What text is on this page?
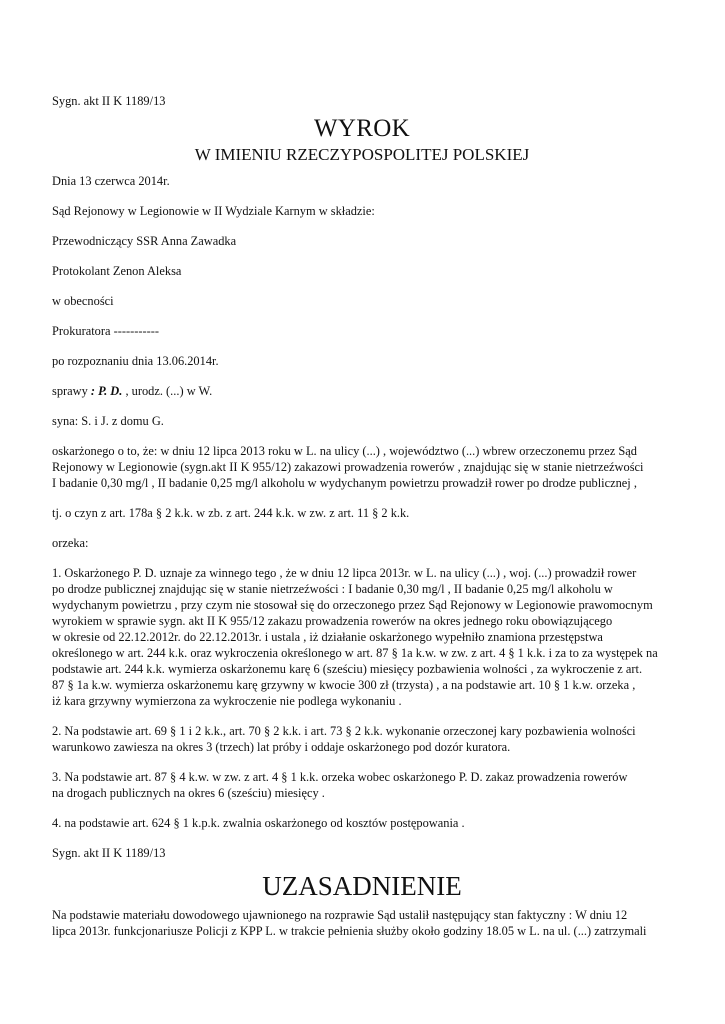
Sygn. akt II K 1189/13

WYROK
W IMIENIU RZECZYPOSPOLITEJ POLSKIEJ

Dnia 13 czerwca 2014r.

Sąd Rejonowy w Legionowie w II Wydziale Karnym w składzie:

Przewodniczący SSR Anna Zawadka

Protokolant Zenon Aleksa

w obecności

Prokuratora -----------

po rozpoznaniu dnia 13.06.2014r.

sprawy : P. D. , urodz. (...) w W.

syna: S. i J. z domu G.

oskarżonego o to, że: w dniu 12 lipca 2013 roku w L. na ulicy (...) , województwo (...) wbrew orzeczonemu przez Sąd

Rejonowy w Legionowie (sygn.akt II K 955/12) zakazowi prowadzenia rowerów , znajdując się w stanie nietrzeźwości

I badanie 0,30 mg/l , II badanie 0,25 mg/l alkoholu w wydychanym powietrzu prowadził rower po drodze publicznej ,

tj. o czyn z art. 178a § 2 k.k. w zb. z art. 244 k.k. w zw. z art. 11 § 2 k.k.

orzeka:

1. Oskarżonego P. D. uznaje za winnego tego , że w dniu 12 lipca 2013r. w L. na ulicy (...) , woj. (...) prowadził rower

po drodze publicznej znajdując się w stanie nietrzeźwości : I badanie 0,30 mg/l , II badanie 0,25 mg/l alkoholu w

wydychanym powietrzu , przy czym nie stosował się do orzeczonego przez Sąd Rejonowy w Legionowie prawomocnym

wyrokiem w sprawie sygn. akt II K 955/12 zakazu prowadzenia rowerów na okres jednego roku obowiązującego

w okresie od 22.12.2012r. do 22.12.2013r. i ustala , iż działanie oskarżonego wypełniło znamiona przestępstwa

określonego w art. 244 k.k. oraz wykroczenia określonego w art. 87 § 1a k.w. w zw. z art. 4 § 1 k.k. i za to za występek na

podstawie art. 244 k.k. wymierza oskarżonemu karę 6 (sześciu) miesięcy pozbawienia wolności , za wykroczenie z art.

87 § 1a k.w. wymierza oskarżonemu karę grzywny w kwocie 300 zł (trzysta) , a na podstawie art. 10 § 1 k.w. orzeka ,

iż kara grzywny wymierzona za wykroczenie nie podlega wykonaniu .

2. Na podstawie art. 69 § 1 i 2 k.k., art. 70 § 2 k.k. i art. 73 § 2 k.k. wykonanie orzeczonej kary pozbawienia wolności

warunkowo zawiesza na okres 3 (trzech) lat próby i oddaje oskarżonego pod dozór kuratora.

3. Na podstawie art. 87 § 4 k.w. w zw. z art. 4 § 1 k.k. orzeka wobec oskarżonego P. D. zakaz prowadzenia rowerów

na drogach publicznych na okres 6 (sześciu) miesięcy .

4. na podstawie art. 624 § 1 k.p.k. zwalnia oskarżonego od kosztów postępowania .

Sygn. akt II K 1189/13

UZASADNIENIE

Na podstawie materiału dowodowego ujawnionego na rozprawie Sąd ustalił następujący stan faktyczny : W dniu 12

lipca 2013r. funkcjonariusze Policji z KPP L. w trakcie pełnienia służby około godziny 18.05 w L. na ul. (...) zatrzymali
